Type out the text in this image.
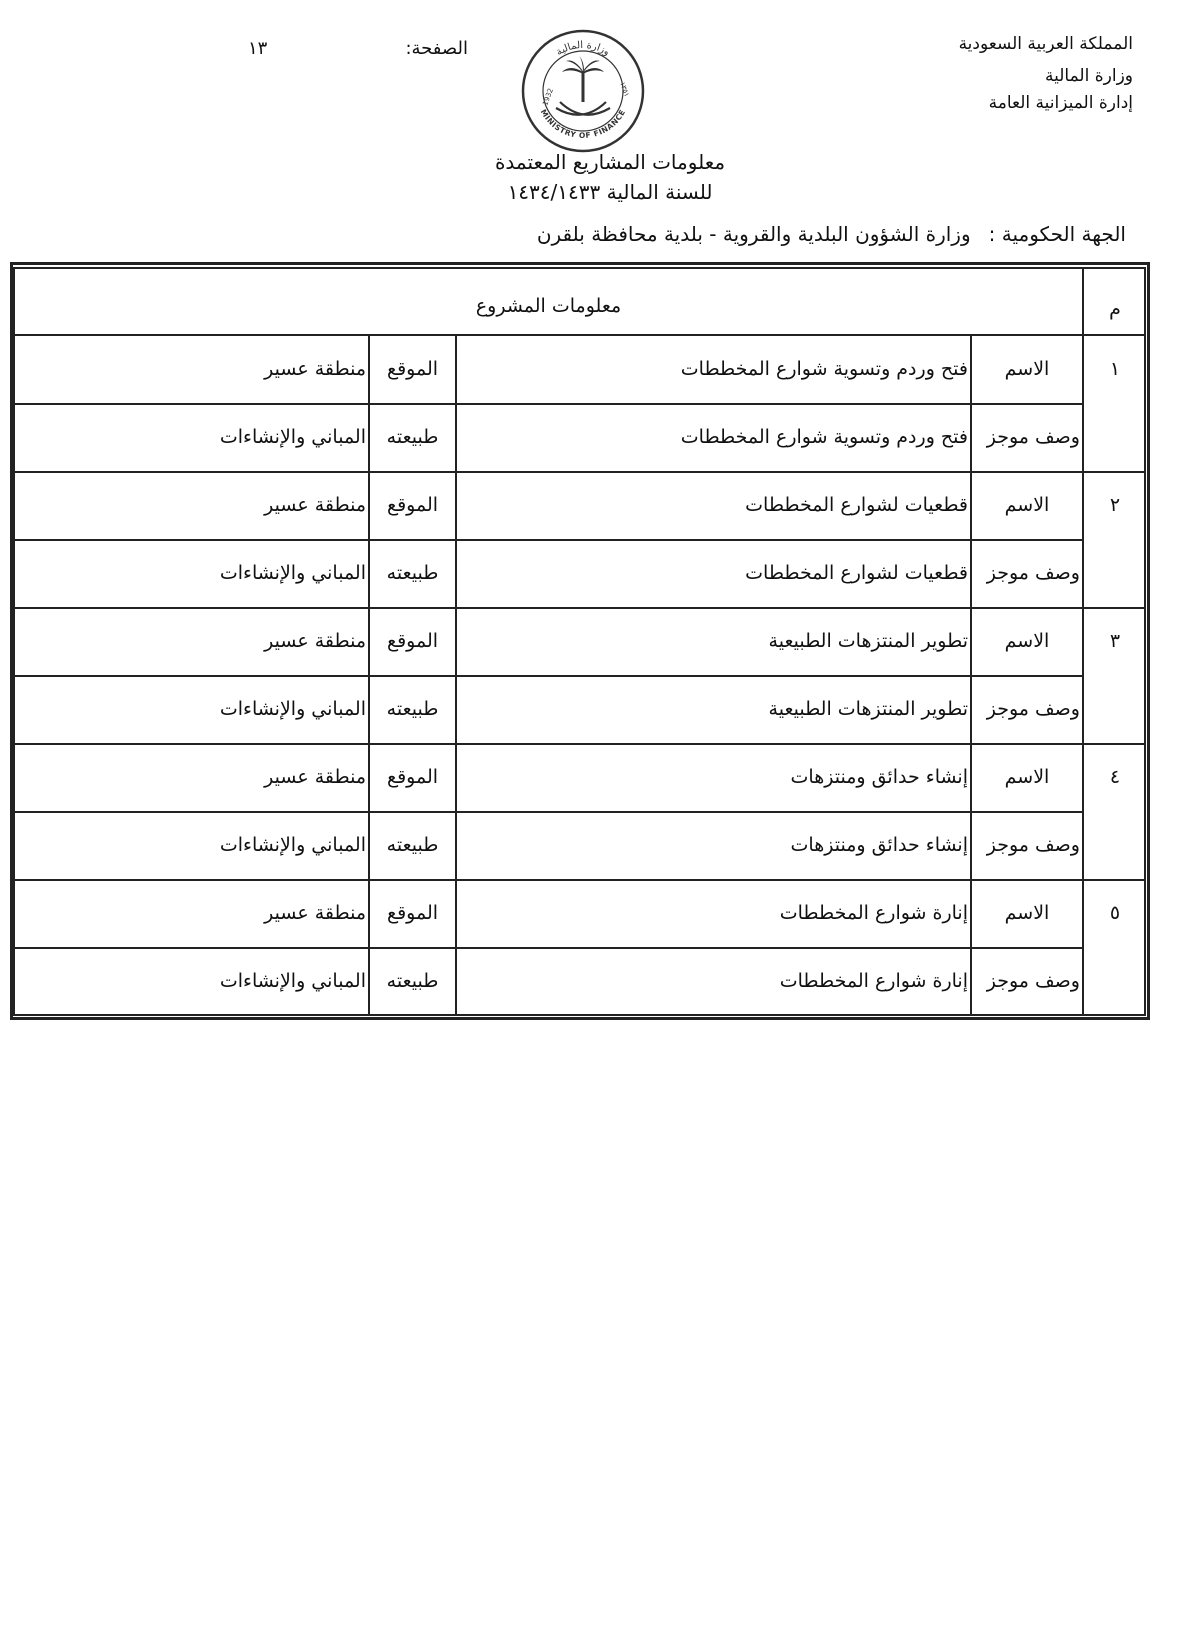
المملكة العربية السعودية
وزارة المالية
إدارة الميزانية العامة
الصفحة:
١٣	وزارة المالية
MINISTRY OF FINANCE
1932	١٣٥١
معلومات المشاريع المعتمدة
للسنة المالية ١٤٣٤/١٤٣٣
الجهة الحكومية :وزارة الشؤون البلدية والقروية - بلدية محافظة بلقرن
م
معلومات المشروع
١
الاسم
وصف موجز
فتح وردم وتسوية شوارع المخططات
فتح وردم وتسوية شوارع المخططات
الموقع
طبيعته
منطقة عسير
المباني والإنشاءات
٢
الاسم
وصف موجز
قطعيات لشوارع المخططات
قطعيات لشوارع المخططات
الموقع
طبيعته
منطقة عسير
المباني والإنشاءات
٣
الاسم
وصف موجز
تطوير المنتزهات الطبيعية
تطوير المنتزهات الطبيعية
الموقع
طبيعته
منطقة عسير
المباني والإنشاءات
٤
الاسم
وصف موجز
إنشاء حدائق ومنتزهات
إنشاء حدائق ومنتزهات
الموقع
طبيعته
منطقة عسير
المباني والإنشاءات
٥
الاسم
وصف موجز
إنارة شوارع المخططات
إنارة شوارع المخططات
الموقع
طبيعته
منطقة عسير
المباني والإنشاءات
